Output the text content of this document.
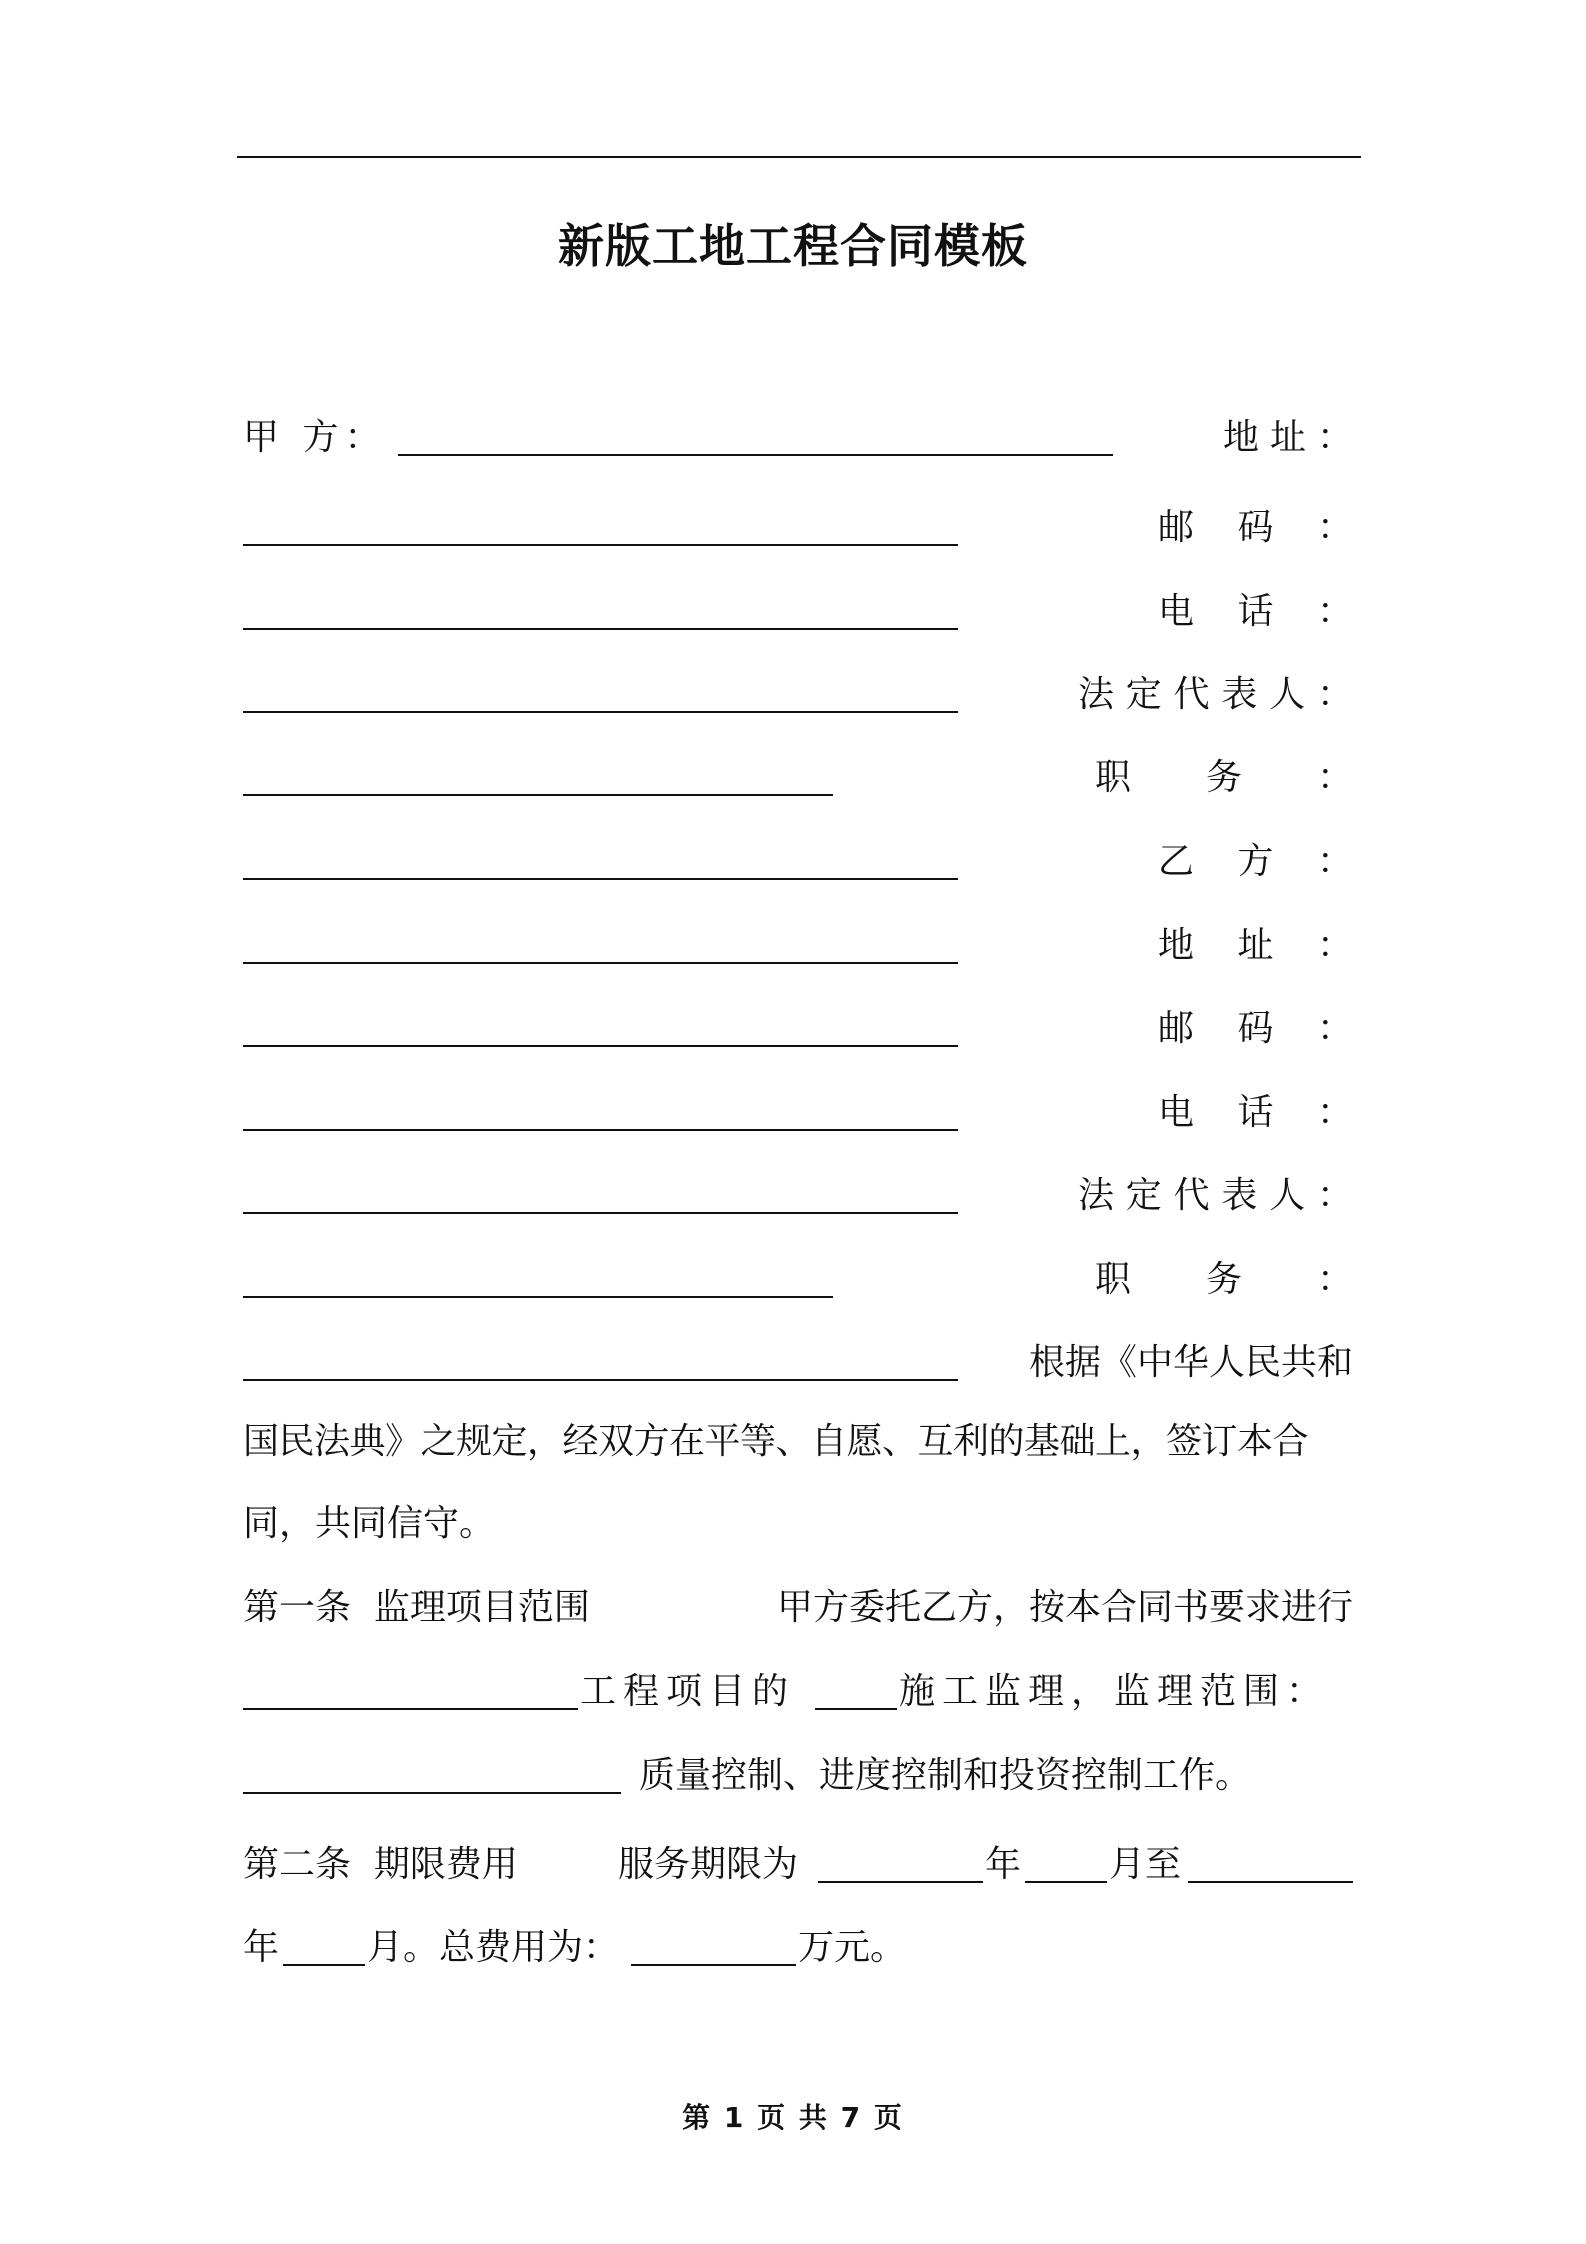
新版工地工程合同模板
甲 方：	地 址 ：
邮 码 ：
电 话 ：
法 定 代 表 人 ：
职 务 ：
乙 方 ：
地 址 ：
邮 码 ：
电 话 ：
法 定 代 表 人 ：
职 务 ：
根据《中华人民共和
国民法典》之规定，经双方在平等、自愿、互利的基础上，签订本合
同，共同信守。
第一条  监理项目范围	甲方委托乙方，按本合同书要求进行
工程项目的	施工监理，监理范围：
质量控制、进度控制和投资控制工作。
第二条  期限费用	服务期限为	年 月至
年 月。总费用为：	万元。
第 1 页 共 7 页
